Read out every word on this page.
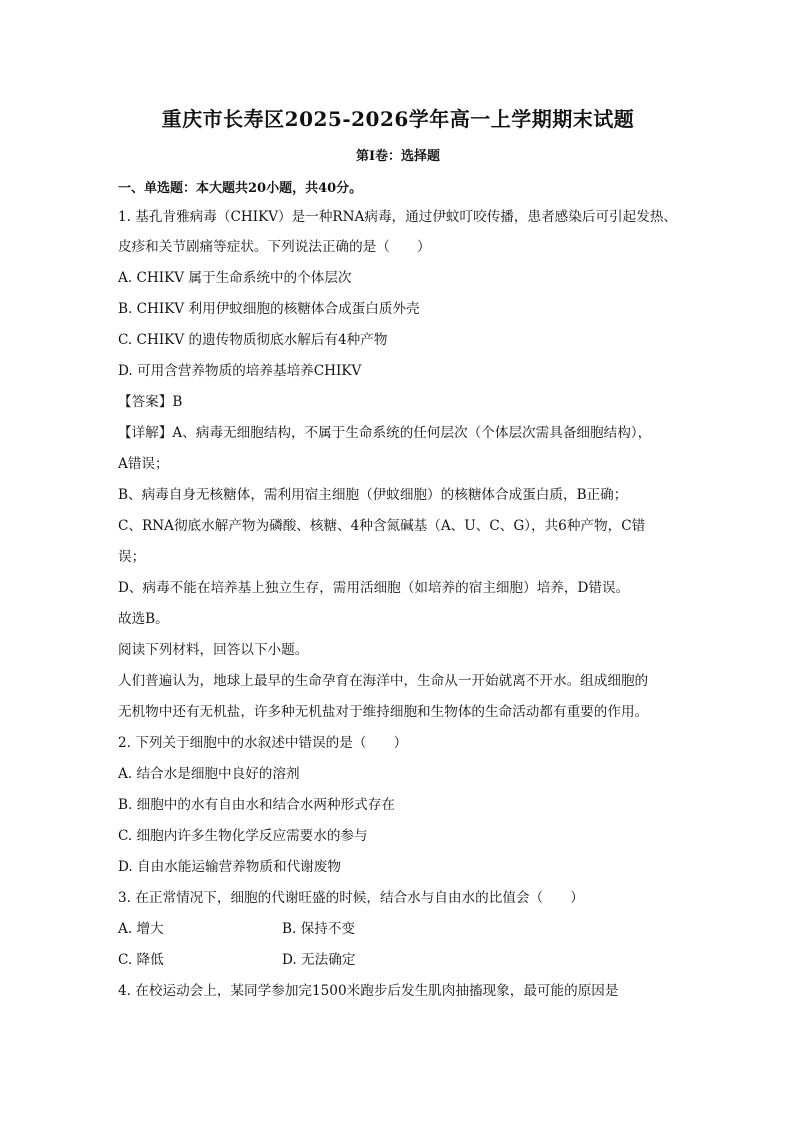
重庆市长寿区2025-2026学年高一上学期期末试题
第Ⅰ卷：选择题
一、单选题：本大题共20小题，共40分。
1. 基孔肯雅病毒（CHIKV）是一种RNA病毒，通过伊蚊叮咬传播，患者感染后可引起发热、
皮疹和关节剧痛等症状。下列说法正确的是（　　）
A. CHIKV 属于生命系统中的个体层次
B. CHIKV 利用伊蚊细胞的核糖体合成蛋白质外壳
C. CHIKV 的遗传物质彻底水解后有4种产物
D. 可用含营养物质的培养基培养CHIKV
【答案】B
【详解】A、病毒无细胞结构，不属于生命系统的任何层次（个体层次需具备细胞结构），
A错误；
B、病毒自身无核糖体，需利用宿主细胞（伊蚊细胞）的核糖体合成蛋白质，B正确；
C、RNA彻底水解产物为磷酸、核糖、4种含氮碱基（A、U、C、G），共6种产物，C错
误；
D、病毒不能在培养基上独立生存，需用活细胞（如培养的宿主细胞）培养，D错误。
故选B。
阅读下列材料，回答以下小题。
人们普遍认为，地球上最早的生命孕育在海洋中，生命从一开始就离不开水。组成细胞的
无机物中还有无机盐，许多种无机盐对于维持细胞和生物体的生命活动都有重要的作用。
2. 下列关于细胞中的水叙述中错误的是（　　）
A. 结合水是细胞中良好的溶剂
B. 细胞中的水有自由水和结合水两种形式存在
C. 细胞内许多生物化学反应需要水的参与
D. 自由水能运输营养物质和代谢废物
3. 在正常情况下，细胞的代谢旺盛的时候，结合水与自由水的比值会（　　）
A. 增大	B. 保持不变
C. 降低	D. 无法确定
4. 在校运动会上，某同学参加完1500米跑步后发生肌肉抽搐现象，最可能的原因是
